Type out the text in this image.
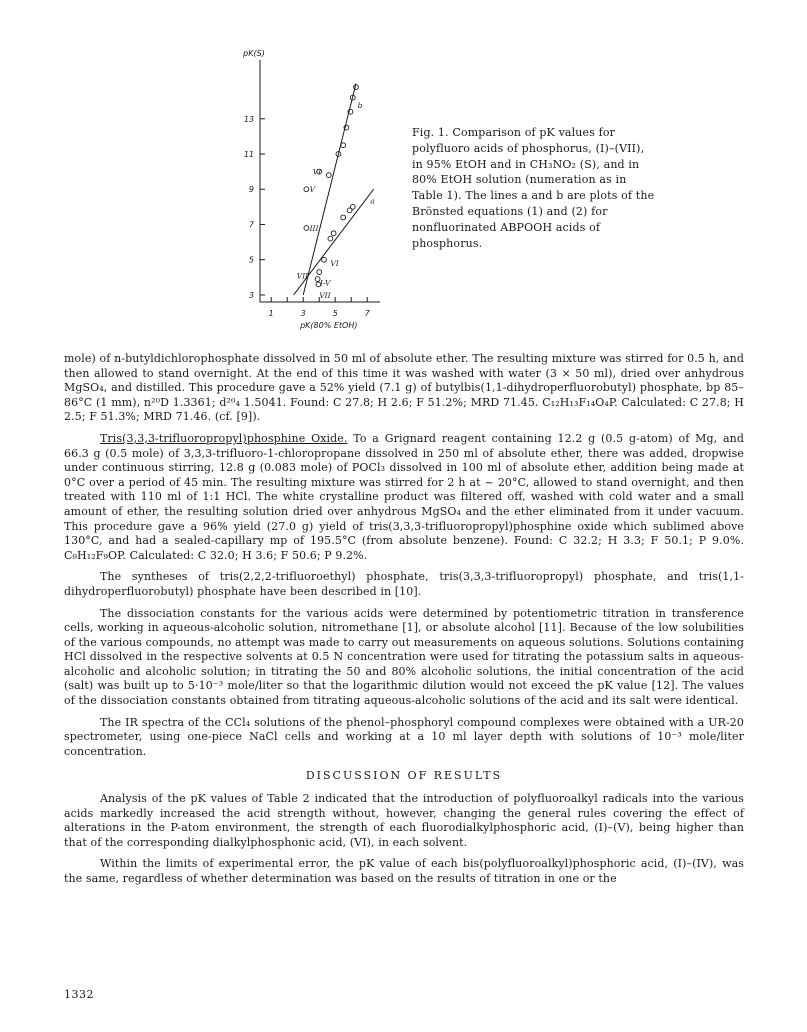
3
5
7
9
11
13
1	3	5	7
pK(S)
pK(80% EtOH)
a
b
VI
V
III
VI
VII
I-V
VII
Fig. 1. Comparison of pK values for polyfluoro acids of phosphorus, (I)–(VII), in 95% EtOH and in CH₃NO₂ (S), and in 80% EtOH solution (numeration as in Table 1). The lines a and b are plots of the Brönsted equations (1) and (2) for nonfluorinated ABPOOH acids of phosphorus.

mole) of n-butyldichlorophosphate dissolved in 50 ml of absolute ether. The resulting mixture was stirred for 0.5 h, and then allowed to stand overnight. At the end of this time it was washed with water (3 × 50 ml), dried over anhydrous MgSO₄, and distilled. This procedure gave a 52% yield (7.1 g) of butylbis(1,1-dihydroperfluorobutyl) phosphate, bp 85–86°C (1 mm), n²⁰D 1.3361; d²⁰₄ 1.5041. Found: C 27.8; H 2.6; F 51.2%; MRD 71.45. C₁₂H₁₃F₁₄O₄P. Calculated: C 27.8; H 2.5; F 51.3%; MRD 71.46. (cf. [9]).

Tris(3,3,3-trifluoropropyl)phosphine Oxide. To a Grignard reagent containing 12.2 g (0.5 g-atom) of Mg, and 66.3 g (0.5 mole) of 3,3,3-trifluoro-1-chloropropane dissolved in 250 ml of absolute ether, there was added, dropwise under continuous stirring, 12.8 g (0.083 mole) of POCl₃ dissolved in 100 ml of absolute ether, addition being made at 0°C over a period of 45 min. The resulting mixture was stirred for 2 h at ~ 20°C, allowed to stand overnight, and then treated with 110 ml of 1:1 HCl. The white crystalline product was filtered off, washed with cold water and a small amount of ether, the resulting solution dried over anhydrous MgSO₄ and the ether eliminated from it under vacuum. This procedure gave a 96% yield (27.0 g) yield of tris(3,3,3-trifluoropropyl)phosphine oxide which sublimed above 130°C, and had a sealed-capillary mp of 195.5°C (from absolute benzene). Found: C 32.2; H 3.3; F 50.1; P 9.0%. C₉H₁₂F₉OP. Calculated: C 32.0; H 3.6; F 50.6; P 9.2%.

The syntheses of tris(2,2,2-trifluoroethyl) phosphate, tris(3,3,3-trifluoropropyl) phosphate, and tris(1,1-dihydroperfluorobutyl) phosphate have been described in [10].

The dissociation constants for the various acids were determined by potentiometric titration in transference cells, working in aqueous-alcoholic solution, nitromethane [1], or absolute alcohol [11]. Because of the low solubilities of the various compounds, no attempt was made to carry out measurements on aqueous solutions. Solutions containing HCl dissolved in the respective solvents at 0.5 N concentration were used for titrating the potassium salts in aqueous-alcoholic and alcoholic solution; in titrating the 50 and 80% alcoholic solutions, the initial concentration of the acid (salt) was built up to 5·10⁻³ mole/liter so that the logarithmic dilution would not exceed the pK value [12]. The values of the dissociation constants obtained from titrating aqueous-alcoholic solutions of the acid and its salt were identical.

The IR spectra of the CCl₄ solutions of the phenol–phosphoryl compound complexes were obtained with a UR-20 spectrometer, using one-piece NaCl cells and working at a 10 ml layer depth with solutions of 10⁻³ mole/liter concentration.

DISCUSSION OF RESULTS

Analysis of the pK values of Table 2 indicated that the introduction of polyfluoroalkyl radicals into the various acids markedly increased the acid strength without, however, changing the general rules covering the effect of alterations in the P-atom environment, the strength of each fluorodialkylphosphoric acid, (I)–(V), being higher than that of the corresponding dialkylphosphonic acid, (VI), in each solvent.

Within the limits of experimental error, the pK value of each bis(polyfluoroalkyl)phosphoric acid, (I)–(IV), was the same, regardless of whether determination was based on the results of titration in one or the

1332
